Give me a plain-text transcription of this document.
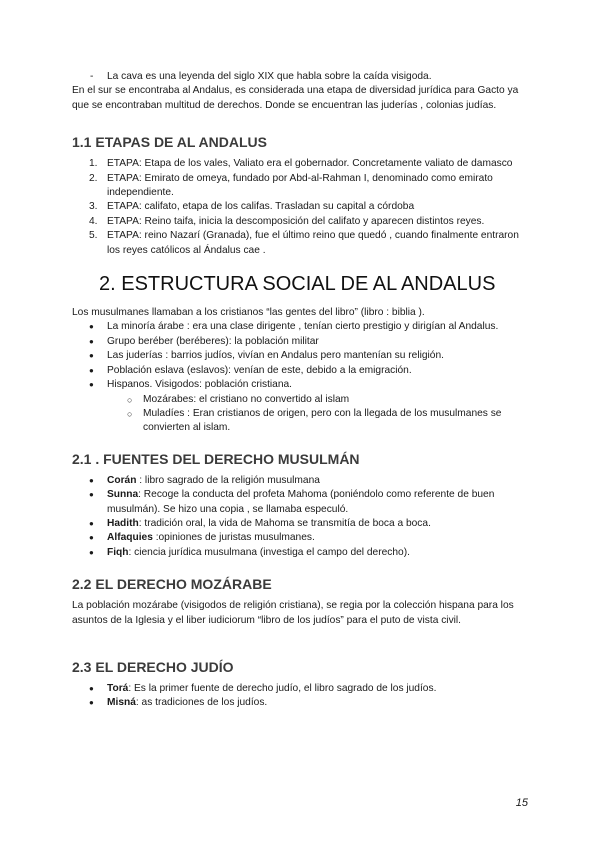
- La cava es una leyenda del siglo XIX que habla sobre la caída visigoda.

En el sur se encontraba al Andalus, es considerada una etapa de diversidad jurídica para Gacto ya que se encontraban multitud de derechos. Donde se encuentran las juderías , colonias judías.

1.1 ETAPAS DE AL ANDALUS
1. ETAPA: Etapa de los vales, Valiato era el gobernador. Concretamente valiato de damasco
2. ETAPA: Emirato de omeya, fundado por Abd-al-Rahman I, denominado como emirato independiente.
3. ETAPA: califato, etapa de los califas. Trasladan su capital a córdoba
4. ETAPA: Reino taifa, inicia la descomposición del califato y aparecen distintos reyes.
5. ETAPA: reino Nazarí (Granada), fue el último reino que quedó , cuando finalmente entraron los reyes católicos al Ándalus cae .
2. ESTRUCTURA SOCIAL DE AL ANDALUS

Los musulmanes llamaban a los cristianos “las gentes del libro” (libro : biblia ).

● La minoría árabe : era una clase dirigente , tenían cierto prestigio y dirigían al Andalus.
● Grupo beréber (beréberes): la población militar
● Las juderías : barrios judíos, vivían en Andalus pero mantenían su religión.
● Población eslava (eslavos): venían de este, debido a la emigración.
● Hispanos. Visigodos: población cristiana.
○ Mozárabes: el cristiano no convertido al islam
○ Muladíes : Eran cristianos de origen, pero con la llegada de los musulmanes se convierten al islam.
2.1 . FUENTES DEL DERECHO MUSULMÁN
● Corán : libro sagrado de la religión musulmana
● Sunna: Recoge la conducta del profeta Mahoma (poniéndolo como referente de buen musulmán). Se hizo una copia , se llamaba especuló.
● Hadith: tradición oral, la vida de Mahoma se transmitía de boca a boca.
● Alfaquies :opiniones de juristas musulmanes.
● Fiqh: ciencia jurídica musulmana (investiga el campo del derecho).
2.2 EL DERECHO MOZÁRABE

La población mozárabe (visigodos de religión cristiana), se regia por la colección hispana para los asuntos de la Iglesia y el liber iudiciorum “libro de los judíos” para el puto de vista civil.

2.3 EL DERECHO JUDÍO
● Torá: Es la primer fuente de derecho judío, el libro sagrado de los judíos.
● Misná: as tradiciones de los judíos.
15
